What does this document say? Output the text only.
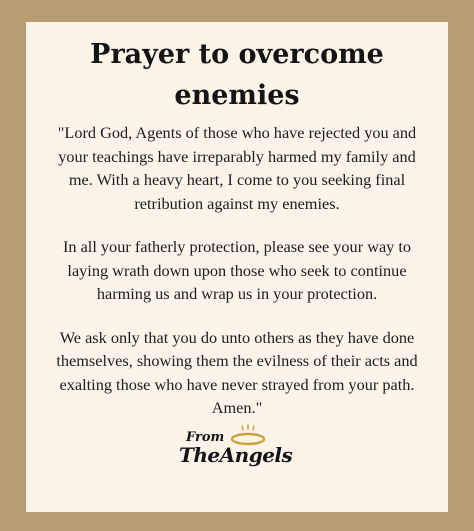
Prayer to overcome
enemies

"Lord God, Agents of those who have rejected you and
your teachings have irreparably harmed my family and
me. With a heavy heart, I come to you seeking final
retribution against my enemies.

In all your fatherly protection, please see your way to
laying wrath down upon those who seek to continue
harming us and wrap us in your protection.

We ask only that you do unto others as they have done
themselves, showing them the evilness of their acts and
exalting those who have never strayed from your path.
Amen."

From
TheAngels
